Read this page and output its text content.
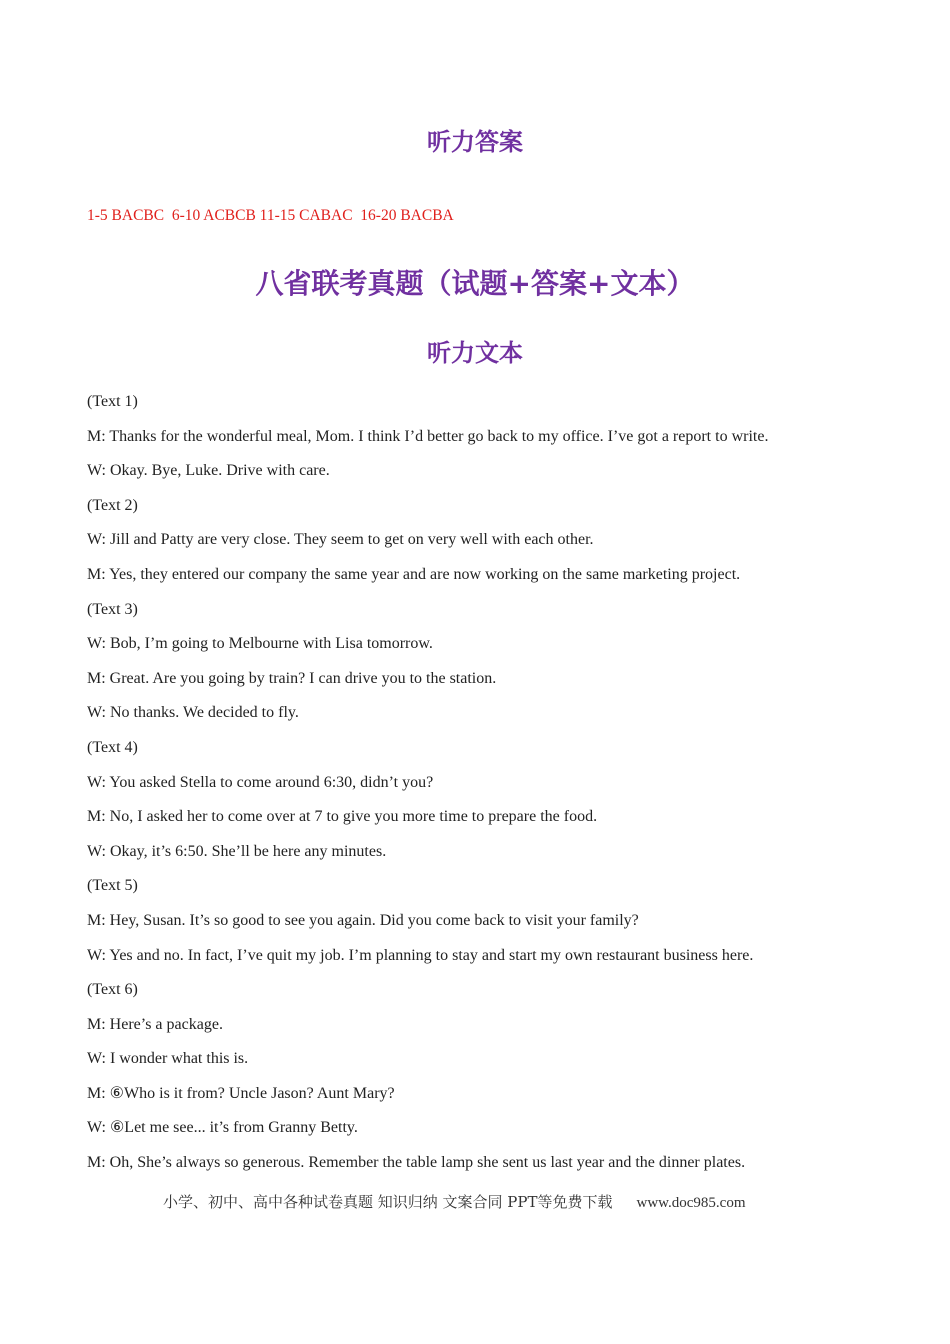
听力答案
1-5 BACBC  6-10 ACBCB 11-15 CABAC  16-20 BACBA
八省联考真题（试题+答案+文本）
听力文本
(Text 1)
M: Thanks for the wonderful meal, Mom. I think I’d better go back to my office. I’ve got a report to write.
W: Okay. Bye, Luke. Drive with care.
(Text 2)
W: Jill and Patty are very close. They seem to get on very well with each other.
M: Yes, they entered our company the same year and are now working on the same marketing project.
(Text 3)
W: Bob, I’m going to Melbourne with Lisa tomorrow.
M: Great. Are you going by train? I can drive you to the station.
W: No thanks. We decided to fly.
(Text 4)
W: You asked Stella to come around 6:30, didn’t you?
M: No, I asked her to come over at 7 to give you more time to prepare the food.
W: Okay, it’s 6:50. She’ll be here any minutes.
(Text 5)
M: Hey, Susan. It’s so good to see you again. Did you come back to visit your family?
W: Yes and no. In fact, I’ve quit my job. I’m planning to stay and start my own restaurant business here.
(Text 6)
M: Here’s a package.
W: I wonder what this is.
M: ⑥Who is it from? Uncle Jason? Aunt Mary?
W: ⑥Let me see... it’s from Granny Betty.
M: Oh, She’s always so generous. Remember the table lamp she sent us last year and the dinner plates.
小学、初中、高中各种试卷真题 知识归纳 文案合同 PPT等免费下载 www.doc985.com
